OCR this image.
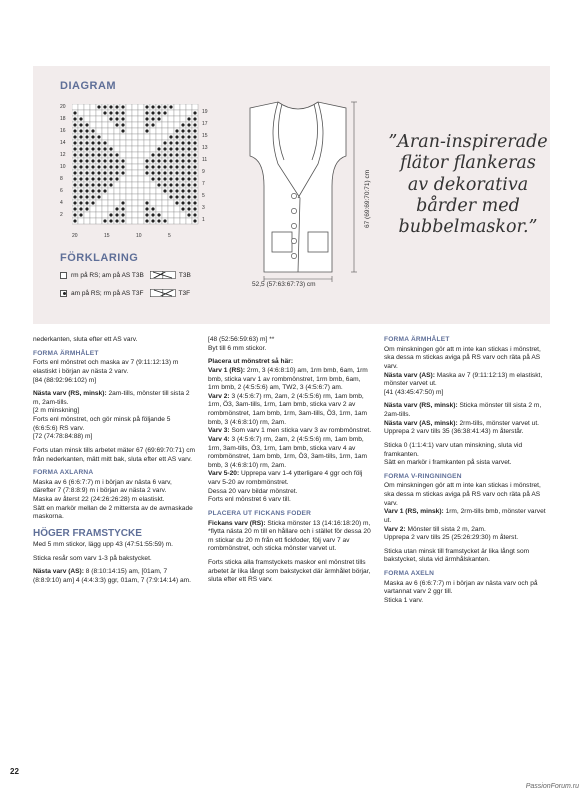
DIAGRAM
20
18
16
14
12
10
8
6
4
2
19
17
15
13
11
9
7
5
3
1
20	15	10	5
FÖRKLARING
rm på RS; am på AS T3B	T3B
am på RS; rm på AS T3F	T3F
52,5 (57:63:67:73) cm
67 (69:69:70:71) cm
”Aran-inspirerade flätor flankeras av dekorativa bårder med bubbelmaskor.”

nederkanten, sluta efter ett AS varv.

FORMA ÄRMHÅLET
Forts enl mönstret och maska av 7 (9:11:12:13) m elastiskt i början av nästa 2 varv.

[84 (88:92:96:102) m]

Nästa varv (RS, minsk): 2am-tills, mönster till sista 2 m, 2am-tills.
[2 m minskning]
Forts enl mönstret, och gör minsk på följande 5 (6:6:5:6) RS varv.

[72 (74:78:84:88) m]

Forts utan minsk tills arbetet mäter 67 (69:69:70:71) cm från nederkanten, mätt mitt bak, sluta efter ett AS varv.

FORMA AXLARNA
Maska av 6 (6:6:7:7) m i början av nästa 6 varv, därefter 7 (7:8:8:9) m i början av nästa 2 varv.
Maska av återst 22 (24:26:26:28) m elastiskt.

Sätt en markör mellan de 2 mittersta av de avmaskade maskorna.

HÖGER FRAMSTYCKE

Med 5 mm stickor, lägg upp 43 (47:51:55:59) m.

Sticka resår som varv 1-3 på bakstycket.

Nästa varv (AS): 8 (8:10:14:15) am, [01am, 7 (8:8:9:10) am] 4 (4:4:3:3) ggr, 01am, 7 (7:9:14:14) am.
[48 (52:56:59:63) m] **

Byt till 6 mm stickor.

Placera ut mönstret så här:
Varv 1 (RS): 2rm, 3 (4:6:8:10) am, 1rm bmb, 6am, 1rm bmb, sticka varv 1 av rombmönstret, 1rm bmb, 6am, 1rm bmb, 2 (4:5:5:6) am, TW2, 3 (4:5:6:7) am.
Varv 2: 3 (4:5:6:7) rm, 2am, 2 (4:5:5:6) rm, 1am bmb, 1rm, Ö3, 3am-tills, 1rm, 1am bmb, sticka varv 2 av rombmönstret, 1am bmb, 1rm, 3am-tills, Ö3, 1rm, 1am bmb, 3 (4:6:8:10) rm, 2am.
Varv 3: Som varv 1 men sticka varv 3 av rombmönstret.
Varv 4: 3 (4:5:6:7) rm, 2am, 2 (4:5:5:6) rm, 1am bmb, 1rm, 3am-tills, Ö3, 1rm, 1am bmb, sticka varv 4 av rombmönstret, 1am bmb, 1rm, Ö3, 3am-tills, 1rm, 1am bmb, 3 (4:6:8:10) rm, 2am.
Varv 5-20: Upprepa varv 1-4 ytterligare 4 ggr och följ varv 5-20 av rombmönstret.
Dessa 20 varv bildar mönstret.

Forts enl mönstret 6 varv till.

PLACERA UT FICKANS FODER

Fickans varv (RS): Sticka mönster 13 (14:16:18:20) m, *flytta nästa 20 m till en hållare och i stället för dessa 20 m stickar du 20 m från ett fickfoder, följ varv 7 av rombmönstret, och sticka mönster varvet ut.

Forts sticka alla framstyckets maskor enl mönstret tills arbetet är lika långt som bakstycket där ärmhålet börjar, sluta efter ett RS varv.

FORMA ÄRMHÅLET
Om minskningen gör att m inte kan stickas i mönstret, ska dessa m stickas aviga på RS varv och räta på AS varv.
Nästa varv (AS): Maska av 7 (9:11:12:13) m elastiskt, mönster varvet ut.

[41 (43:45:47:50) m]

Nästa varv (RS, minsk): Sticka mönster till sista 2 m, 2am-tills.
Nästa varv (AS, minsk): 2rm-tills, mönster varvet ut.

Upprepa 2 varv tills 35 (36:38:41:43) m återstår.

Sticka 0 (1:1:4:1) varv utan minskning, sluta vid framkanten.

Sätt en markör i framkanten på sista varvet.

FORMA V-RINGNINGEN
Om minskningen gör att m inte kan stickas i mönstret, ska dessa m stickas aviga på RS varv och räta på AS varv.
Varv 1 (RS, minsk): 1rm, 2rm-tills bmb, mönster varvet ut.
Varv 2: Mönster till sista 2 m, 2am.

Upprepa 2 varv tills 25 (25:26:29:30) m återst.

Sticka utan minsk till framstycket är lika långt som bakstycket, sluta vid ärmhålskanten.

FORMA AXELN
Maska av 6 (6:6:7:7) m i början av nästa varv och på vartannat varv 2 ggr till.
Sticka 1 varv.
22
PassionForum.ru
